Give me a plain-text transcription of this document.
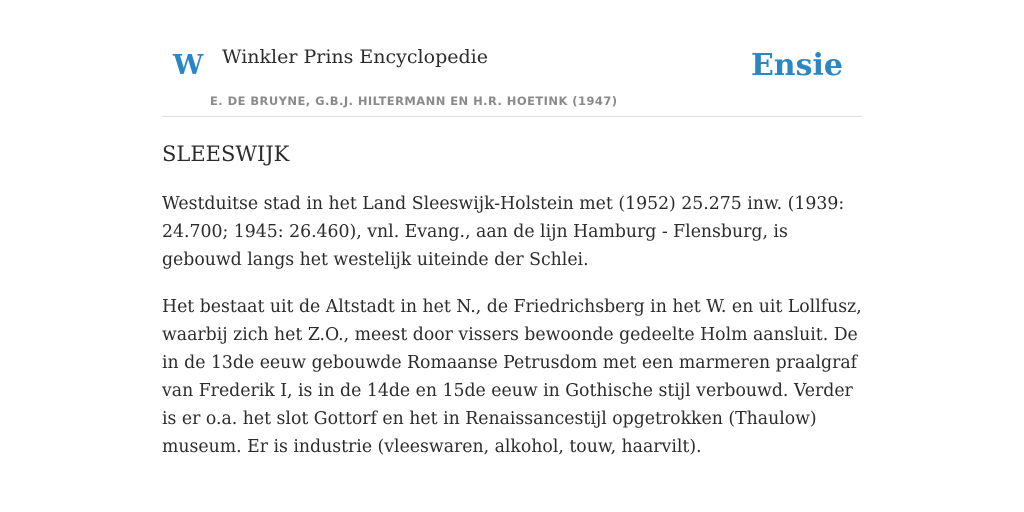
W Winkler Prins Encyclopedie
E. DE BRUYNE, G.B.J. HILTERMANN EN H.R. HOETINK (1947)
Ensie
SLEESWIJK

Westduitse stad in het Land Sleeswijk-Holstein met (1952) 25.275 inw. (1939: 24.700; 1945: 26.460), vnl. Evang., aan de lijn Hamburg - Flensburg, is gebouwd langs het westelijk uiteinde der Schlei.

Het bestaat uit de Altstadt in het N., de Friedrichsberg in het W. en uit Lollfusz, waarbij zich het Z.O., meest door vissers bewoonde gedeelte Holm aansluit. De in de 13de eeuw gebouwde Romaanse Petrusdom met een marmeren praalgraf van Frederik I, is in de 14de en 15de eeuw in Gothische stijl verbouwd. Verder is er o.a. het slot Gottorf en het in Renaissancestijl opgetrokken (Thaulow) museum. Er is industrie (vleeswaren, alkohol, touw, haarvilt).
